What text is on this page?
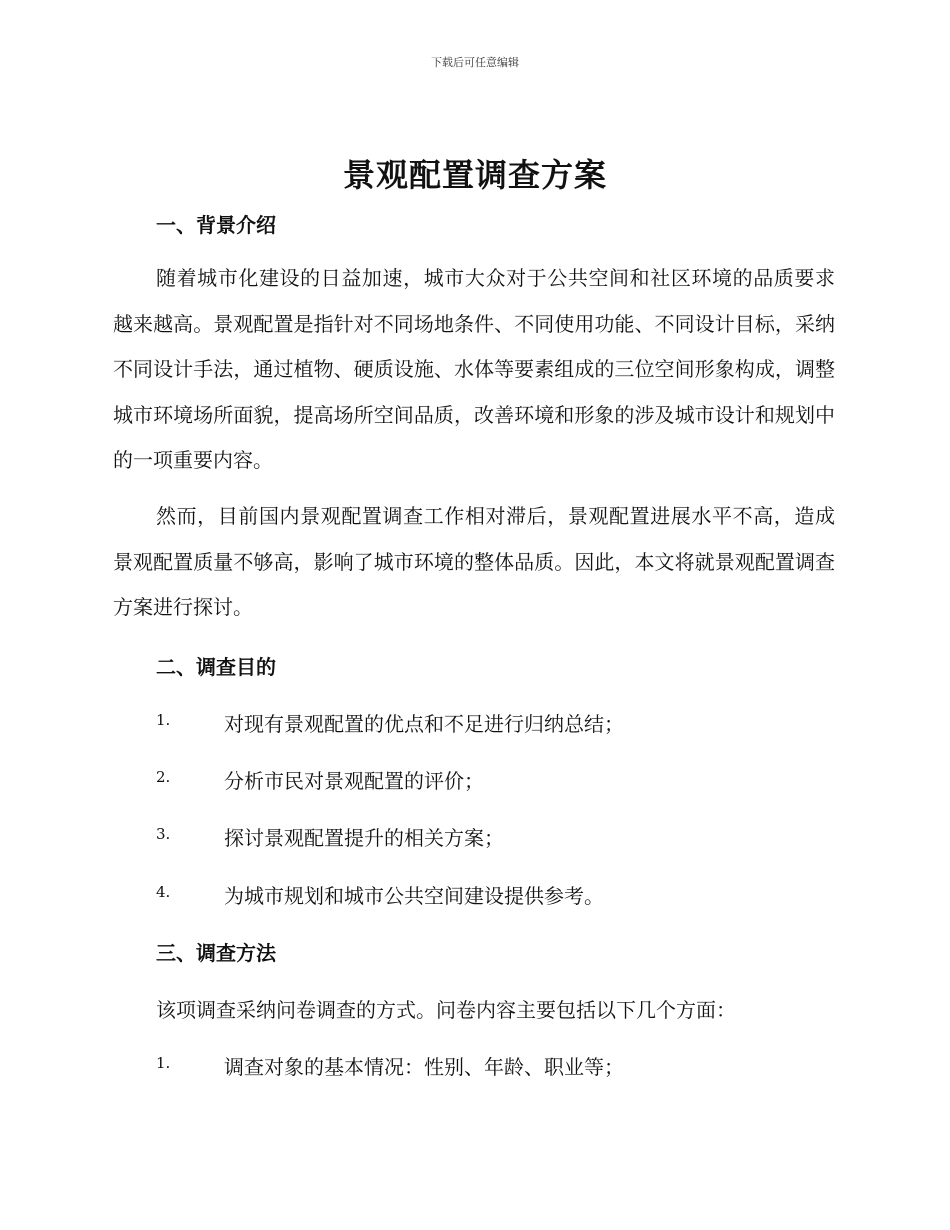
下载后可任意编辑
景观配置调查方案
一、背景介绍

随着城市化建设的日益加速，城市大众对于公共空间和社区环境的品质要求越来越高。景观配置是指针对不同场地条件、不同使用功能、不同设计目标，采纳不同设计手法，通过植物、硬质设施、水体等要素组成的三位空间形象构成，调整城市环境场所面貌，提高场所空间品质，改善环境和形象的涉及城市设计和规划中的一项重要内容。

然而，目前国内景观配置调查工作相对滞后，景观配置进展水平不高，造成景观配置质量不够高，影响了城市环境的整体品质。因此，本文将就景观配置调查方案进行探讨。

二、调查目的
1.	对现有景观配置的优点和不足进行归纳总结；
2.	分析市民对景观配置的评价；
3.	探讨景观配置提升的相关方案；
4.	为城市规划和城市公共空间建设提供参考。
三、调查方法
该项调查采纳问卷调查的方式。问卷内容主要包括以下几个方面：
1.	调查对象的基本情况：性别、年龄、职业等；
